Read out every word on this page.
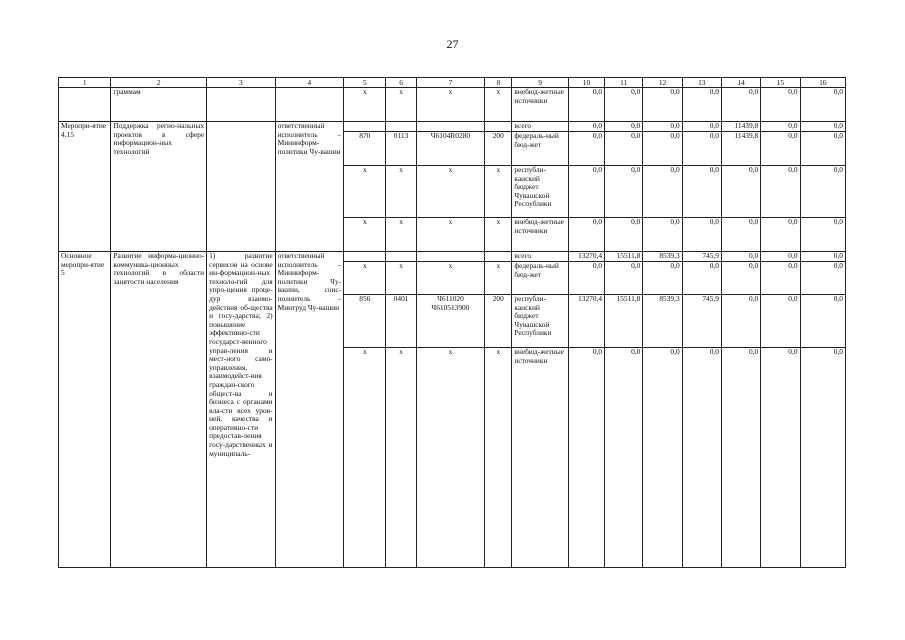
27
1	2	3	4	5	6	7	8	9	10	11	12	13	14	15	16
	граммам			х	х	х	х	внебюд-жетные источники	0,0	0,0	0,0	0,0	0,0	0,0	0,0
Меропри-ятие 4.15	Поддержка регио-нальных проектов в сфере информацион-ных технологий		ответственный исполнитель – Мининформ-политики Чу-вашии					всего	0,0	0,0	0,0	0,0	11439,8	0,0	0,0
				870	0113	Ч6104R0280	200	федераль-ный бюд-жет	0,0	0,0	0,0	0,0	11439,8	0,0	0,0
				х	х	х	х	республи-канский бюджет Чувашской Республики	0,0	0,0	0,0	0,0	0,0	0,0	0,0
				х	х	х	х	внебюд-жетные источники	0,0	0,0	0,0	0,0	0,0	0,0	0,0
Основное меропри-ятие 5	Развитие информа-ционно-коммуника-ционных технологий в области занятости населения	1) развитие сервисов на основе ин-формацион-ных техноло-гий для упро-щения проце-дур взаимо-действия об-щества и госу-дарства; 2) повышение эффективно-сти государст-венного управ-ления и мест-ного само-управления, взаимодейст-вия граждан-ского общест-ва и бизнеса с органами вла-сти всех уров-ней, качества и оперативно-сти предостав-ления госу-дарственных и муниципаль-	ответственный исполнитель – Мининформ-политики Чу-вашии, соис-полнитель – Минтруд Чу-вашии					всего	13270,4	15511,8	8539,3	745,9	0,0	0,0	0,0
				х	х	х	х	федераль-ный бюд-жет	0,0	0,0	0,0	0,0	0,0	0,0	0,0
				856	0401	Ч611020 Ч610513900	200	республи-канский бюджет Чувашской Республики	13270,4	15511,8	8539,3	745,9	0,0	0,0	0,0
				х	х	х	х	внебюд-жетные источники	0,0	0,0	0,0	0,0	0,0	0,0	0,0
